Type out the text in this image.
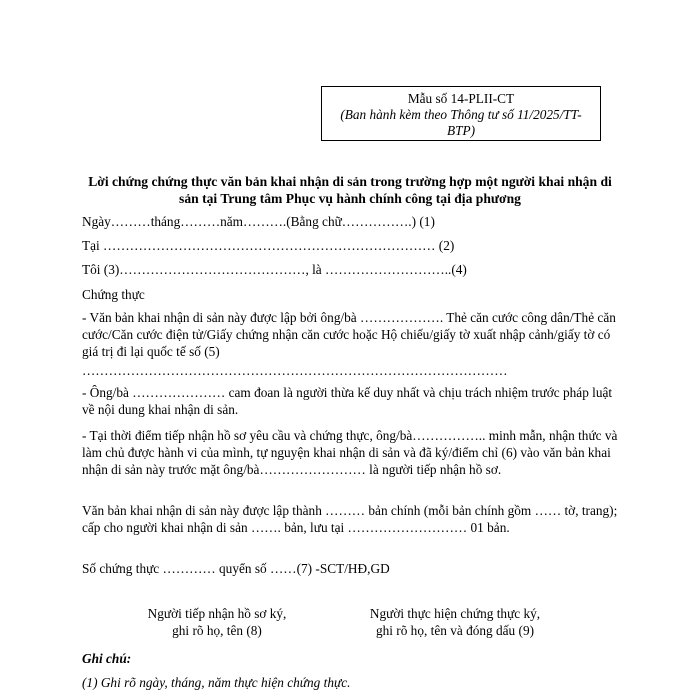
Mẫu số 14-PLII-CT
(Ban hành kèm theo Thông tư số 11/2025/TT-BTP)
Lời chứng chứng thực văn bản khai nhận di sản trong trường hợp một người khai nhận di sản tại Trung tâm Phục vụ hành chính công tại địa phương
Ngày………tháng………năm……….(Bằng chữ…………….) (1)
Tại ………………………………………………………………… (2)
Tôi (3)……………………………………, là ………………………..(4)
Chứng thực
- Văn bản khai nhận di sản này được lập bởi ông/bà ………………. Thẻ căn cước công dân/Thẻ căn cước/Căn cước điện tử/Giấy chứng nhận căn cước hoặc Hộ chiếu/giấy tờ xuất nhập cảnh/giấy tờ có giá trị đi lại quốc tế số (5)
……………………………………………………………………………………
- Ông/bà ………………… cam đoan là người thừa kế duy nhất và chịu trách nhiệm trước pháp luật về nội dung khai nhận di sản.
- Tại thời điểm tiếp nhận hồ sơ yêu cầu và chứng thực, ông/bà…………….. minh mẫn, nhận thức và làm chủ được hành vi của mình, tự nguyện khai nhận di sản và đã ký/điểm chỉ (6) vào văn bản khai nhận di sản này trước mặt ông/bà…………………… là người tiếp nhận hồ sơ.
Văn bản khai nhận di sản này được lập thành ……… bản chính (mỗi bản chính gồm …… tờ, trang); cấp cho người khai nhận di sản ……. bản, lưu tại ……………………… 01 bản.
Số chứng thực ………… quyển số ……(7) -SCT/HĐ,GD
Người tiếp nhận hồ sơ ký,
ghi rõ họ, tên (8)
Người thực hiện chứng thực ký,
ghi rõ họ, tên và đóng dấu (9)
Ghi chú:
(1) Ghi rõ ngày, tháng, năm thực hiện chứng thực.
